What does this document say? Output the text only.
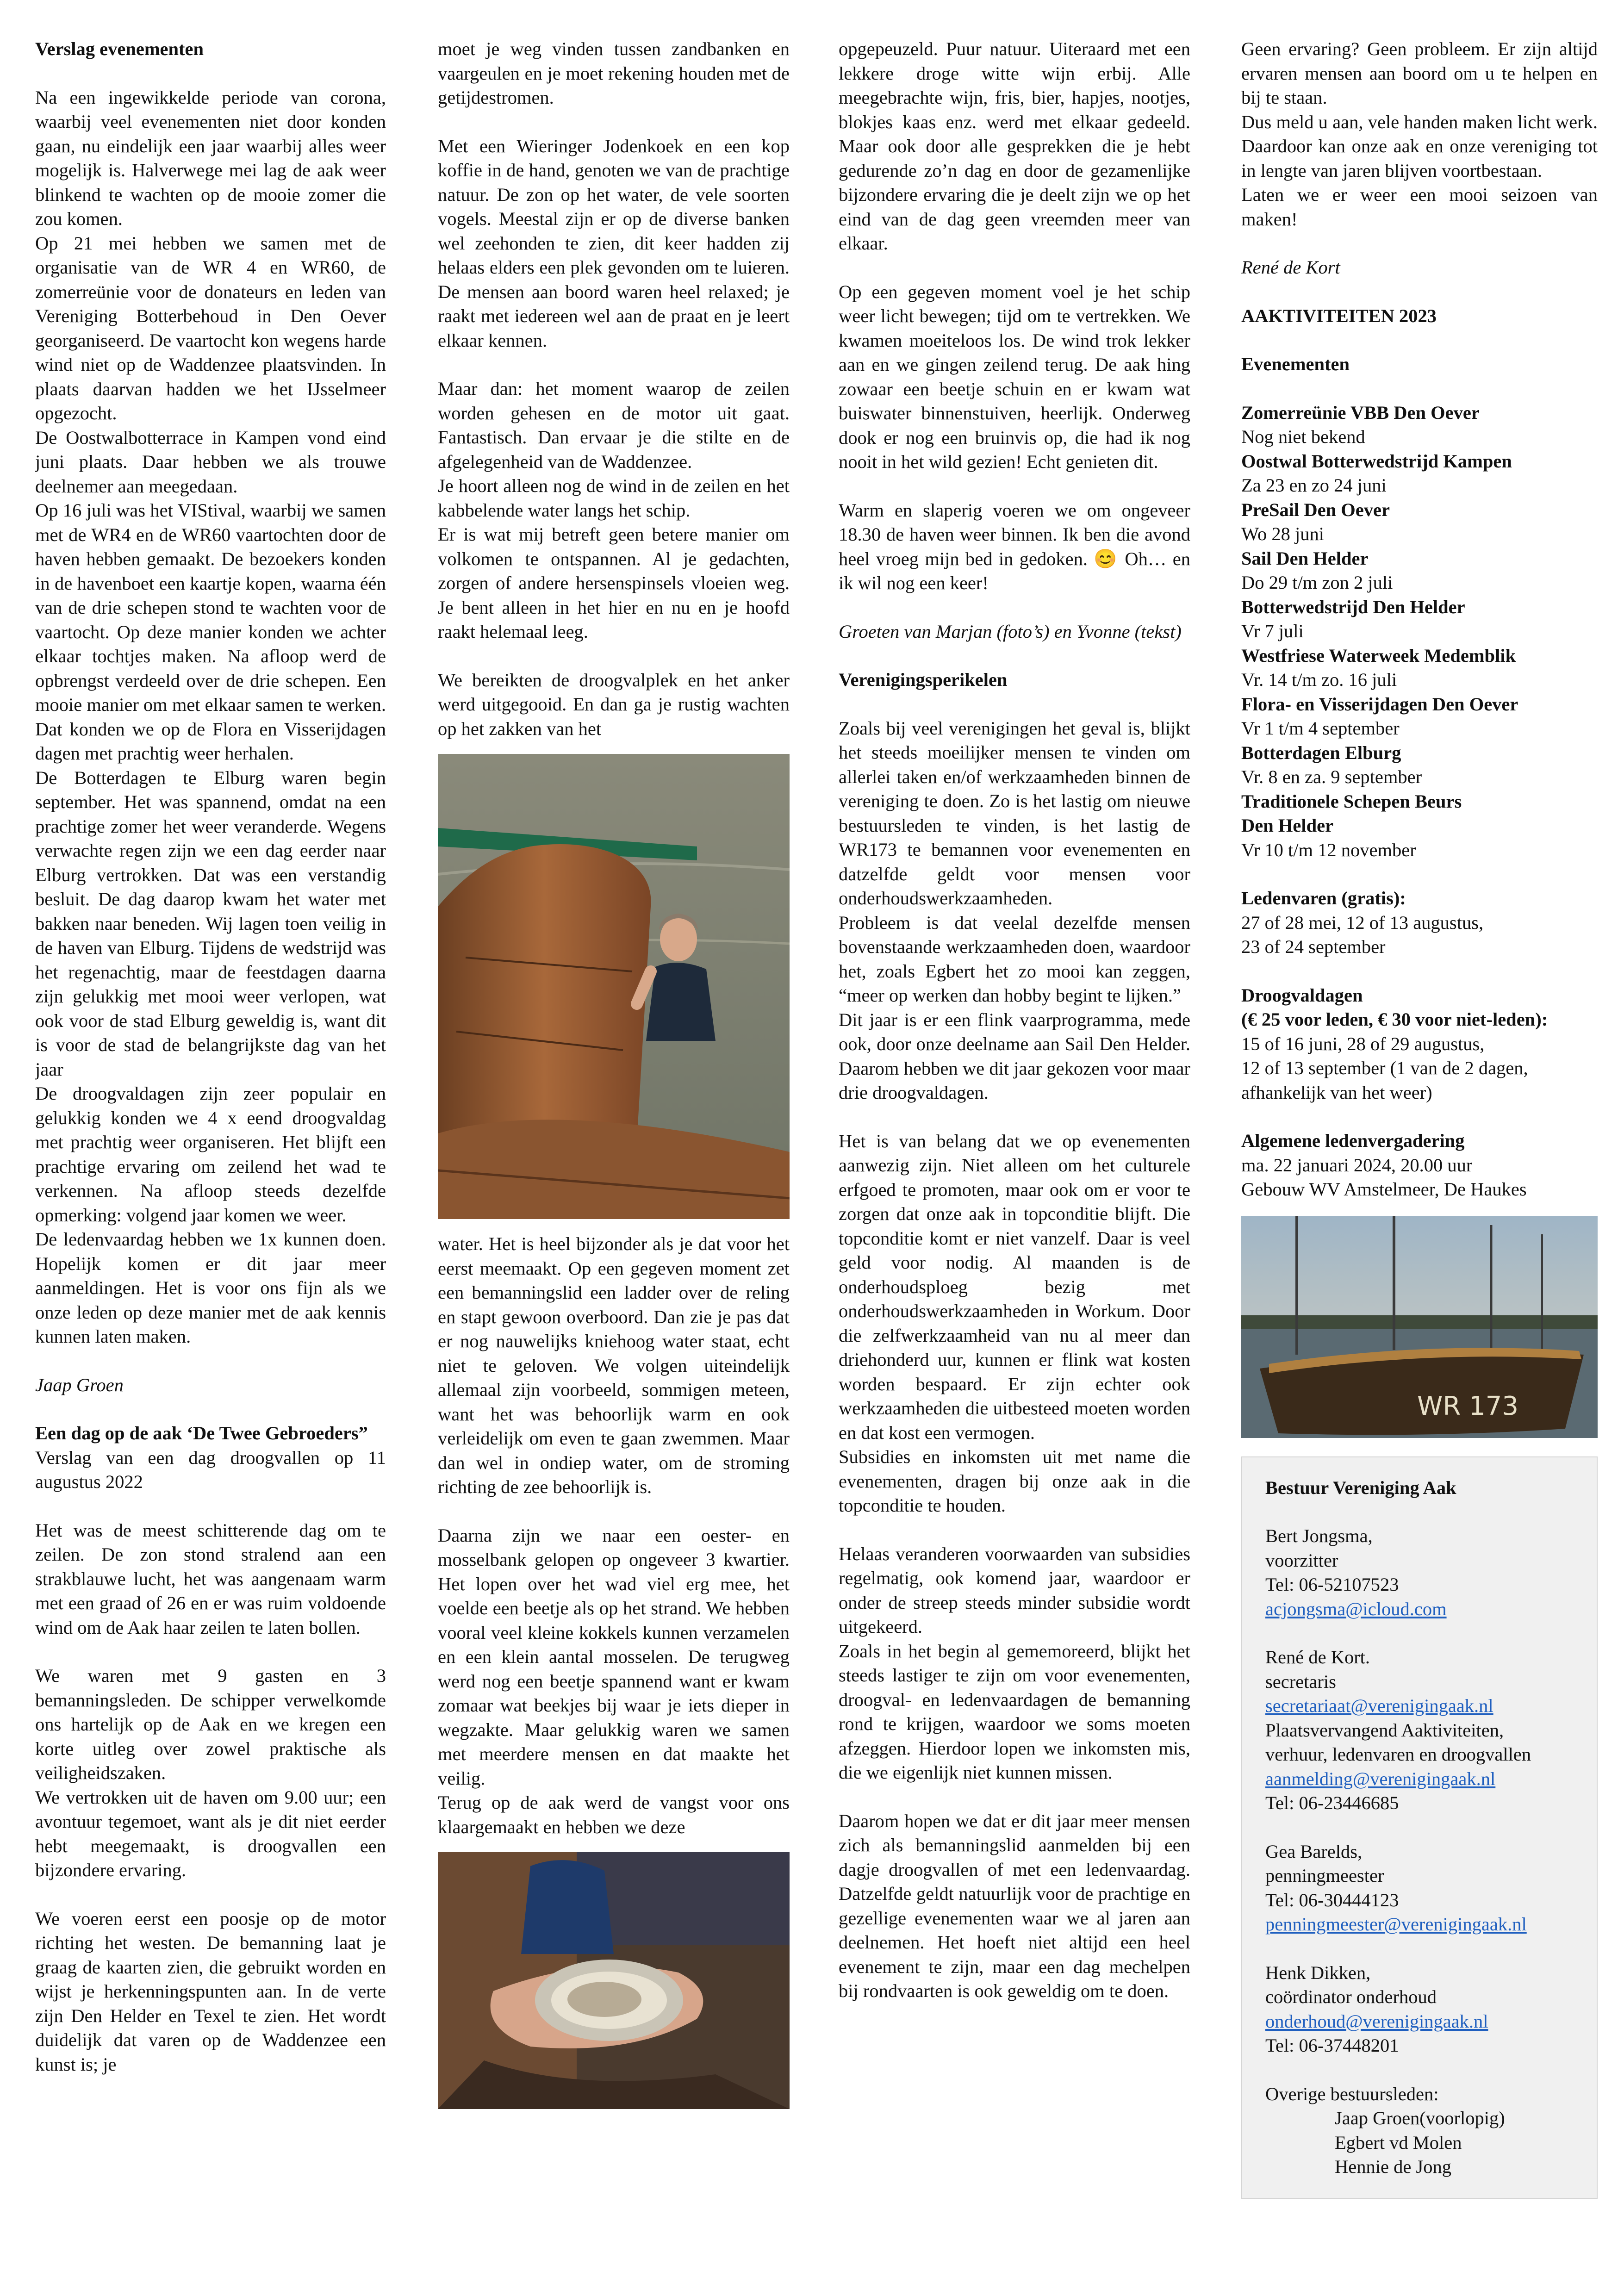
Verslag evenementen

Na een ingewikkelde periode van corona, waarbij veel evenementen niet door konden gaan, nu eindelijk een jaar waarbij alles weer mogelijk is. Halverwege mei lag de aak weer blinkend te wachten op de mooie zomer die zou komen.

Op 21 mei hebben we samen met de organisatie van de WR 4 en WR60, de zomerreünie voor de donateurs en leden van Vereniging Botterbehoud in Den Oever georganiseerd. De vaartocht kon wegens harde wind niet op de Waddenzee plaatsvinden. In plaats daarvan hadden we het IJsselmeer opgezocht.

De Oostwalbotterrace in Kampen vond eind juni plaats. Daar hebben we als trouwe deelnemer aan meegedaan.

Op 16 juli was het VIStival, waarbij we samen met de WR4 en de WR60 vaartochten door de haven hebben gemaakt. De bezoekers konden in de havenboet een kaartje kopen, waarna één van de drie schepen stond te wachten voor de vaartocht. Op deze manier konden we achter elkaar tochtjes maken. Na afloop werd de opbrengst verdeeld over de drie schepen. Een mooie manier om met elkaar samen te werken. Dat konden we op de Flora en Visserijdagen dagen met prachtig weer herhalen.

De Botterdagen te Elburg waren begin september. Het was spannend, omdat na een prachtige zomer het weer veranderde. Wegens verwachte regen zijn we een dag eerder naar Elburg vertrokken. Dat was een verstandig besluit. De dag daarop kwam het water met bakken naar beneden. Wij lagen toen veilig in de haven van Elburg. Tijdens de wedstrijd was het regenachtig, maar de feestdagen daarna zijn gelukkig met mooi weer verlopen, wat ook voor de stad Elburg geweldig is, want dit is voor de stad de belangrijkste dag van het jaar

De droogvaldagen zijn zeer populair en gelukkig konden we 4 x eend droogvaldag met prachtig weer organiseren. Het blijft een prachtige ervaring om zeilend het wad te verkennen. Na afloop steeds dezelfde opmerking: volgend jaar komen we weer.

De ledenvaardag hebben we 1x kunnen doen. Hopelijk komen er dit jaar meer aanmeldingen. Het is voor ons fijn als we onze leden op deze manier met de aak kennis kunnen laten maken.

Jaap Groen

Een dag op de aak ‘De Twee Gebroeders”

Verslag van een dag droogvallen op 11 augustus 2022

Het was de meest schitterende dag om te zeilen. De zon stond stralend aan een strakblauwe lucht, het was aangenaam warm met een graad of 26 en er was ruim voldoende wind om de Aak haar zeilen te laten bollen.

We waren met 9 gasten en 3 bemanningsleden. De schipper verwelkomde ons hartelijk op de Aak en we kregen een korte uitleg over zowel praktische als veiligheidszaken.

We vertrokken uit de haven om 9.00 uur; een avontuur tegemoet, want als je dit niet eerder hebt meegemaakt, is droogvallen een bijzondere ervaring.

We voeren eerst een poosje op de motor richting het westen. De bemanning laat je graag de kaarten zien, die gebruikt worden en wijst je herkenningspunten aan. In de verte zijn Den Helder en Texel te zien. Het wordt duidelijk dat varen op de Waddenzee een kunst is; je

moet je weg vinden tussen zandbanken en vaargeulen en je moet rekening houden met de getijdestromen.

Met een Wieringer Jodenkoek en een kop koffie in de hand, genoten we van de prachtige natuur. De zon op het water, de vele soorten vogels. Meestal zijn er op de diverse banken wel zeehonden te zien, dit keer hadden zij helaas elders een plek gevonden om te luieren. De mensen aan boord waren heel relaxed; je raakt met iedereen wel aan de praat en je leert elkaar kennen.

Maar dan: het moment waarop de zeilen worden gehesen en de motor uit gaat. Fantastisch. Dan ervaar je die stilte en de afgelegenheid van de Waddenzee.

Je hoort alleen nog de wind in de zeilen en het kabbelende water langs het schip.

Er is wat mij betreft geen betere manier om volkomen te ontspannen. Al je gedachten, zorgen of andere hersenspinsels vloeien weg. Je bent alleen in het hier en nu en je hoofd raakt helemaal leeg.

We bereikten de droogvalplek en het anker werd uitgegooid. En dan ga je rustig wachten op het zakken van het

water. Het is heel bijzonder als je dat voor het eerst meemaakt. Op een gegeven moment zet een bemanningslid een ladder over de reling en stapt gewoon overboord. Dan zie je pas dat er nog nauwelijks kniehoog water staat, echt niet te geloven. We volgen uiteindelijk allemaal zijn voorbeeld, sommigen meteen, want het was behoorlijk warm en ook verleidelijk om even te gaan zwemmen. Maar dan wel in ondiep water, om de stroming richting de zee behoorlijk is.

Daarna zijn we naar een oester- en mosselbank gelopen op ongeveer 3 kwartier. Het lopen over het wad viel erg mee, het voelde een beetje als op het strand. We hebben vooral veel kleine kokkels kunnen verzamelen en een klein aantal mosselen. De terugweg werd nog een beetje spannend want er kwam zomaar wat beekjes bij waar je iets dieper in wegzakte. Maar gelukkig waren we samen met meerdere mensen en dat maakte het veilig.

Terug op de aak werd de vangst voor ons klaargemaakt en hebben we deze

opgepeuzeld. Puur natuur. Uiteraard met een lekkere droge witte wijn erbij. Alle meegebrachte wijn, fris, bier, hapjes, nootjes, blokjes kaas enz. werd met elkaar gedeeld. Maar ook door alle gesprekken die je hebt gedurende zo’n dag en door de gezamenlijke bijzondere ervaring die je deelt zijn we op het eind van de dag geen vreemden meer van elkaar.

Op een gegeven moment voel je het schip weer licht bewegen; tijd om te vertrekken. We kwamen moeiteloos los. De wind trok lekker aan en we gingen zeilend terug. De aak hing zowaar een beetje schuin en er kwam wat buiswater binnenstuiven, heerlijk. Onderweg dook er nog een bruinvis op, die had ik nog nooit in het wild gezien! Echt genieten dit.

Warm en slaperig voeren we om ongeveer 18.30 de haven weer binnen. Ik ben die avond heel vroeg mijn bed in gedoken. 😊 Oh… en ik wil nog een keer!

Groeten van Marjan (foto’s) en Yvonne (tekst)

Verenigingsperikelen

Zoals bij veel verenigingen het geval is, blijkt het steeds moeilijker mensen te vinden om allerlei taken en/of werkzaamheden binnen de vereniging te doen. Zo is het lastig om nieuwe bestuursleden te vinden, is het lastig de WR173 te bemannen voor evenementen en datzelfde geldt voor mensen voor onderhoudswerkzaamheden.

Probleem is dat veelal dezelfde mensen bovenstaande werkzaamheden doen, waardoor het, zoals Egbert het zo mooi kan zeggen, “meer op werken dan hobby begint te lijken.”

Dit jaar is er een flink vaarprogramma, mede ook, door onze deelname aan Sail Den Helder. Daarom hebben we dit jaar gekozen voor maar drie droogvaldagen.

Het is van belang dat we op evenementen aanwezig zijn. Niet alleen om het culturele erfgoed te promoten, maar ook om er voor te zorgen dat onze aak in topconditie blijft. Die topconditie komt er niet vanzelf. Daar is veel geld voor nodig. Al maanden is de onderhoudsploeg bezig met onderhoudswerkzaamheden in Workum. Door die zelfwerkzaamheid van nu al meer dan driehonderd uur, kunnen er flink wat kosten worden bespaard. Er zijn echter ook werkzaamheden die uitbesteed moeten worden en dat kost een vermogen.

Subsidies en inkomsten uit met name die evenementen, dragen bij onze aak in die topconditie te houden.

Helaas veranderen voorwaarden van subsidies regelmatig, ook komend jaar, waardoor er onder de streep steeds minder subsidie wordt uitgekeerd.

Zoals in het begin al gememoreerd, blijkt het steeds lastiger te zijn om voor evenementen, droogval- en ledenvaardagen de bemanning rond te krijgen, waardoor we soms moeten afzeggen. Hierdoor lopen we inkomsten mis, die we eigenlijk niet kunnen missen.

Daarom hopen we dat er dit jaar meer mensen zich als bemanningslid aanmelden bij een dagje droogvallen of met een ledenvaardag. Datzelfde geldt natuurlijk voor de prachtige en gezellige evenementen waar we al jaren aan deelnemen. Het hoeft niet altijd een heel evenement te zijn, maar een dag mechelpen bij rondvaarten is ook geweldig om te doen.

Geen ervaring? Geen probleem. Er zijn altijd ervaren mensen aan boord om u te helpen en bij te staan.

Dus meld u aan, vele handen maken licht werk. Daardoor kan onze aak en onze vereniging tot in lengte van jaren blijven voortbestaan.

Laten we er weer een mooi seizoen van maken!

René de Kort

AAKTIVITEITEN 2023
Evenementen
Zomerreünie VBB Den Oever
Nog niet bekend
Oostwal Botterwedstrijd Kampen
Za 23 en zo 24 juni
PreSail Den Oever
Wo 28 juni
Sail Den Helder
Do 29 t/m zon 2 juli
Botterwedstrijd Den Helder
Vr 7 juli
Westfriese Waterweek Medemblik
Vr. 14 t/m zo. 16 juli
Flora- en Visserijdagen Den Oever
Vr 1 t/m 4 september
Botterdagen Elburg
Vr. 8 en za. 9 september
Traditionele Schepen Beurs
Den Helder
Vr 10 t/m 12 november

Ledenvaren (gratis):
27 of 28 mei, 12 of 13 augustus,
23 of 24 september

Droogvaldagen
(€ 25 voor leden, € 30 voor niet-leden):
15 of 16 juni, 28 of 29 augustus,
12 of 13 september (1 van de 2 dagen,
afhankelijk van het weer)

Algemene ledenvergadering
ma. 22 januari 2024, 20.00 uur
Gebouw WV Amstelmeer, De Haukes

WR 173
Bestuur Vereniging Aak
Bert Jongsma,
voorzitter
Tel: 06-52107523
acjongsma@icloud.com
René de Kort.
secretaris
secretariaat@verenigingaak.nl
Plaatsvervangend Aaktiviteiten,
verhuur, ledenvaren en droogvallen
aanmelding@verenigingaak.nl
Tel: 06-23446685
Gea Barelds,
penningmeester
Tel: 06-30444123
penningmeester@verenigingaak.nl
Henk Dikken,
coördinator onderhoud
onderhoud@verenigingaak.nl
Tel: 06-37448201
Overige bestuursleden:
Jaap Groen(voorlopig)
Egbert vd Molen
Hennie de Jong
